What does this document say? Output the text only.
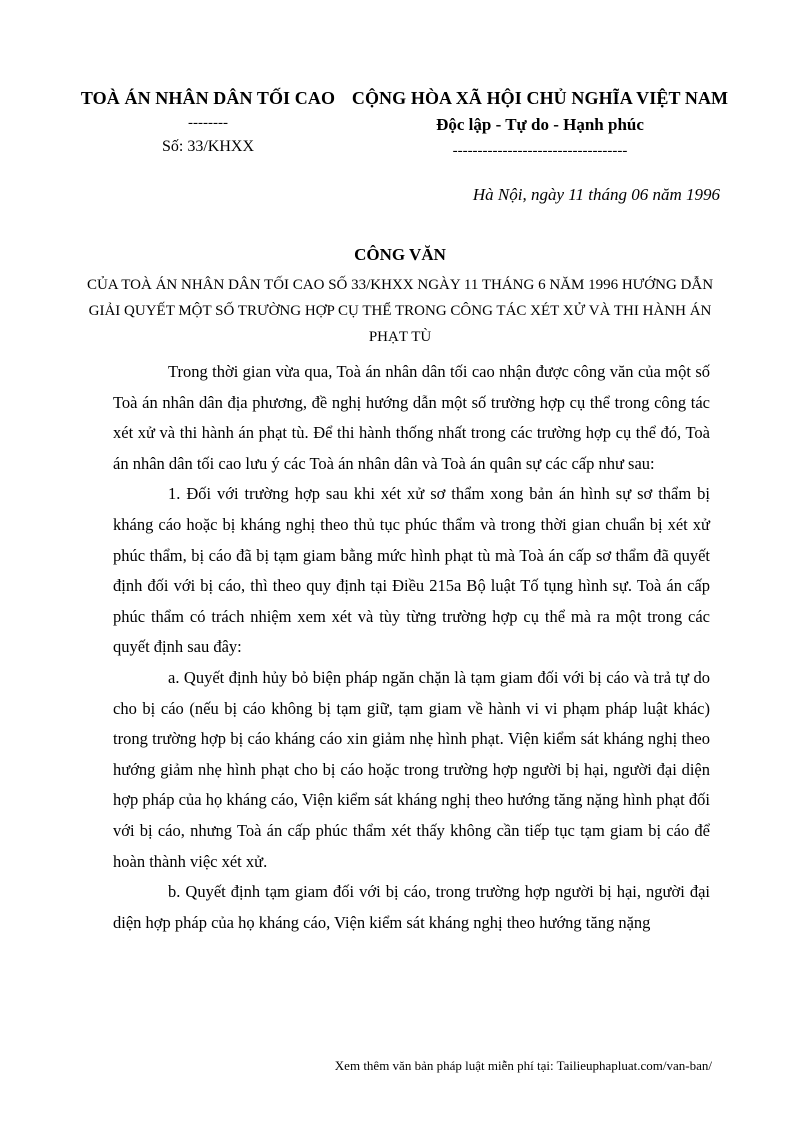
TOÀ ÁN NHÂN DÂN TỐI CAO
--------
Số: 33/KHXX
CỘNG HÒA XÃ HỘI CHỦ NGHĨA VIỆT NAM
Độc lập - Tự do - Hạnh phúc
-----------------------------------
Hà Nội, ngày 11 tháng 06 năm 1996
CÔNG VĂN
CỦA TOÀ ÁN NHÂN DÂN TỐI CAO SỐ 33/KHXX NGÀY 11 THÁNG 6 NĂM 1996 HƯỚNG DẪN GIẢI QUYẾT MỘT SỐ TRƯỜNG HỢP CỤ THỂ TRONG CÔNG TÁC XÉT XỬ VÀ THI HÀNH ÁN PHẠT TÙ

Trong thời gian vừa qua, Toà án nhân dân tối cao nhận được công văn của một số Toà án nhân dân địa phương, đề nghị hướng dẫn một số trường hợp cụ thể trong công tác xét xử và thi hành án phạt tù. Để thi hành thống nhất trong các trường hợp cụ thể đó, Toà án nhân dân tối cao lưu ý các Toà án nhân dân và Toà án quân sự các cấp như sau:

1. Đối với trường hợp sau khi xét xử sơ thẩm xong bản án hình sự sơ thẩm bị kháng cáo hoặc bị kháng nghị theo thủ tục phúc thẩm và trong thời gian chuẩn bị xét xử phúc thẩm, bị cáo đã bị tạm giam bằng mức hình phạt tù mà Toà án cấp sơ thẩm đã quyết định đối với bị cáo, thì theo quy định tại Điều 215a Bộ luật Tố tụng hình sự. Toà án cấp phúc thẩm có trách nhiệm xem xét và tùy từng trường hợp cụ thể mà ra một trong các quyết định sau đây:

a. Quyết định hủy bỏ biện pháp ngăn chặn là tạm giam đối với bị cáo và trả tự do cho bị cáo (nếu bị cáo không bị tạm giữ, tạm giam về hành vi vi phạm pháp luật khác) trong trường hợp bị cáo kháng cáo xin giảm nhẹ hình phạt. Viện kiểm sát kháng nghị theo hướng giảm nhẹ hình phạt cho bị cáo hoặc trong trường hợp người bị hại, người đại diện hợp pháp của họ kháng cáo, Viện kiểm sát kháng nghị theo hướng tăng nặng hình phạt đối với bị cáo, nhưng Toà án cấp phúc thẩm xét thấy không cần tiếp tục tạm giam bị cáo để hoàn thành việc xét xử.

b. Quyết định tạm giam đối với bị cáo, trong trường hợp người bị hại, người đại diện hợp pháp của họ kháng cáo, Viện kiểm sát kháng nghị theo hướng tăng nặng

Xem thêm văn bản pháp luật miễn phí tại: Tailieuphapluat.com/van-ban/
